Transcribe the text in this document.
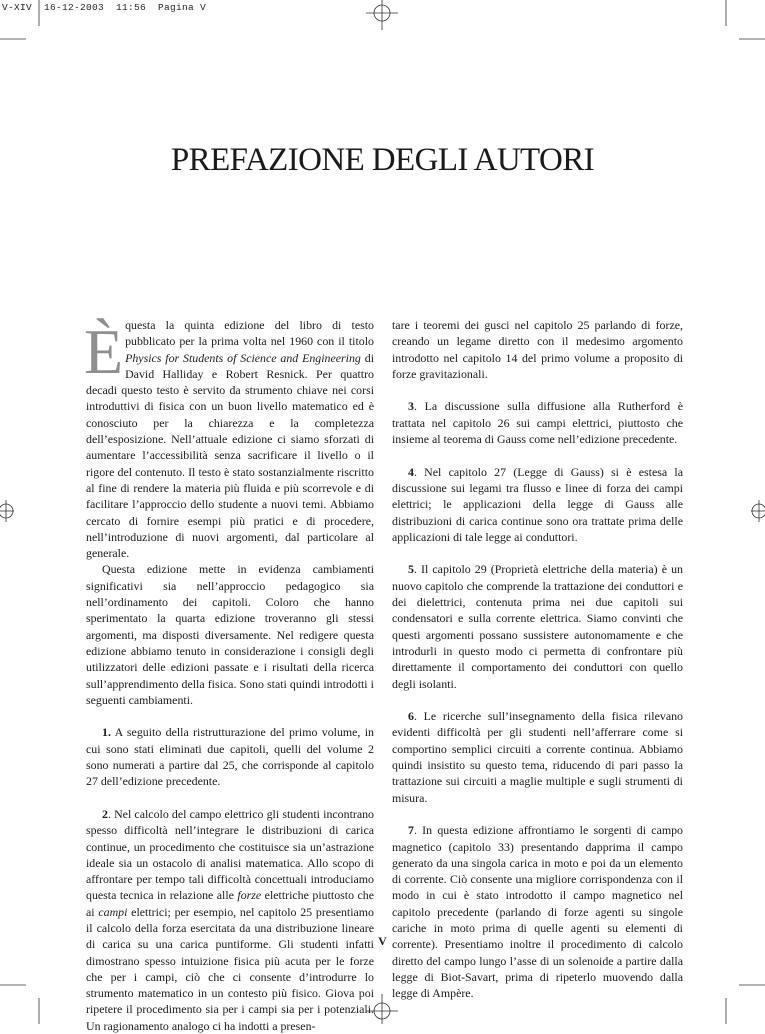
V-XIV  16-12-2003  11:56  Pagina V
PREFAZIONE DEGLI AUTORI

È questa la quinta edizione del libro di testo pubblicato per la prima volta nel 1960 con il titolo Physics for Students of Science and Engineering di David Halliday e Robert Resnick. Per quattro decadi questo testo è servito da strumento chiave nei corsi introduttivi di fisica con un buon livello matematico ed è conosciuto per la chiarezza e la completezza dell’esposizione. Nell’attuale edizione ci siamo sforzati di aumentare l’accessibilità senza sacrificare il livello o il rigore del contenuto. Il testo è stato sostanzialmente riscritto al fine di rendere la materia più fluida e più scorrevole e di facilitare l’approccio dello studente a nuovi temi. Abbiamo cercato di fornire esempi più pratici e di procedere, nell’introduzione di nuovi argomenti, dal particolare al generale.

Questa edizione mette in evidenza cambiamenti significativi sia nell’approccio pedagogico sia nell’ordinamento dei capitoli. Coloro che hanno sperimentato la quarta edizione troveranno gli stessi argomenti, ma disposti diversamente. Nel redigere questa edizione abbiamo tenuto in considerazione i consigli degli utilizzatori delle edizioni passate e i risultati della ricerca sull’apprendimento della fisica. Sono stati quindi introdotti i seguenti cambiamenti.

1. A seguito della ristrutturazione del primo volume, in cui sono stati eliminati due capitoli, quelli del volume 2 sono numerati a partire dal 25, che corrisponde al capitolo 27 dell’edizione precedente.

2. Nel calcolo del campo elettrico gli studenti incontrano spesso difficoltà nell’integrare le distribuzioni di carica continue, un procedimento che costituisce sia un’astrazione ideale sia un ostacolo di analisi matematica. Allo scopo di affrontare per tempo tali difficoltà concettuali introduciamo questa tecnica in relazione alle forze elettriche piuttosto che ai campi elettrici; per esempio, nel capitolo 25 presentiamo il calcolo della forza esercitata da una distribuzione lineare di carica su una carica puntiforme. Gli studenti infatti dimostrano spesso intuizione fisica più acuta per le forze che per i campi, ciò che ci consente d’introdurre lo strumento matematico in un contesto più fisico. Giova poi ripetere il procedimento sia per i campi sia per i potenziali. Un ragionamento analogo ci ha indotti a presen-

tare i teoremi dei gusci nel capitolo 25 parlando di forze, creando un legame diretto con il medesimo argomento introdotto nel capitolo 14 del primo volume a proposito di forze gravitazionali.

3. La discussione sulla diffusione alla Rutherford è trattata nel capitolo 26 sui campi elettrici, piuttosto che insieme al teorema di Gauss come nell’edizione precedente.

4. Nel capitolo 27 (Legge di Gauss) si è estesa la discussione sui legami tra flusso e linee di forza dei campi elettrici; le applicazioni della legge di Gauss alle distribuzioni di carica continue sono ora trattate prima delle applicazioni di tale legge ai conduttori.

5. Il capitolo 29 (Proprietà elettriche della materia) è un nuovo capitolo che comprende la trattazione dei conduttori e dei dielettrici, contenuta prima nei due capitoli sui condensatori e sulla corrente elettrica. Siamo convinti che questi argomenti possano sussistere autonomamente e che introdurli in questo modo ci permetta di confrontare più direttamente il comportamento dei conduttori con quello degli isolanti.

6. Le ricerche sull’insegnamento della fisica rilevano evidenti difficoltà per gli studenti nell’afferrare come si comportino semplici circuiti a corrente continua. Abbiamo quindi insistito su questo tema, riducendo di pari passo la trattazione sui circuiti a maglie multiple e sugli strumenti di misura.

7. In questa edizione affrontiamo le sorgenti di campo magnetico (capitolo 33) presentando dapprima il campo generato da una singola carica in moto e poi da un elemento di corrente. Ciò consente una migliore corrispondenza con il modo in cui è stato introdotto il campo magnetico nel capitolo precedente (parlando di forze agenti su singole cariche in moto prima di quelle agenti su elementi di corrente). Presentiamo inoltre il procedimento di calcolo diretto del campo lungo l’asse di un solenoide a partire dalla legge di Biot-Savart, prima di ripeterlo muovendo dalla legge di Ampère.

V
